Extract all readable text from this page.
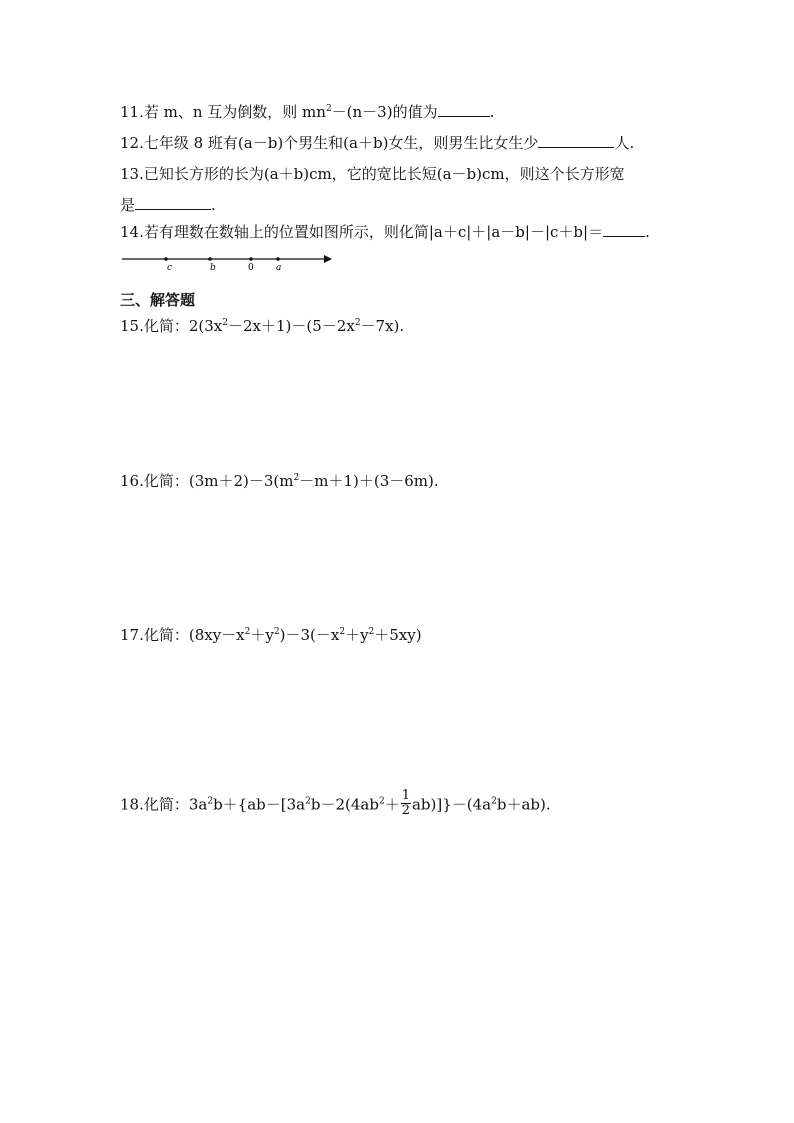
11.若 m、n 互为倒数，则 $mn^2-(n-3)$的值为	.
12.七年级 8 班有(a－b)个男生和(a＋b)女生，则男生比女生少	人.
13.已知长方形的长为(a＋b)cm，它的宽比长短(a－b)cm，则这个长方形宽
是	.
14.若有理数在数轴上的位置如图所示，则化简|a＋c|＋|a－b|－|c＋b|＝	.
c	b	0 a
三、解答题
15.化简：$2(3x^2-2x+1)-(5-2x^2-7x)$.
16.化简：$(3m+2)-3(m^2-m+1)+(3-6m)$.
17.化简：$(8xy-x^2+y^2)-3(-x^2+y^2+5xy)$
18.化简：$3a^2b+\{ab-[3a^2b-2(4ab^2+ \frac{1}{2} ab)]\}-(4a^2b+ab)$.
